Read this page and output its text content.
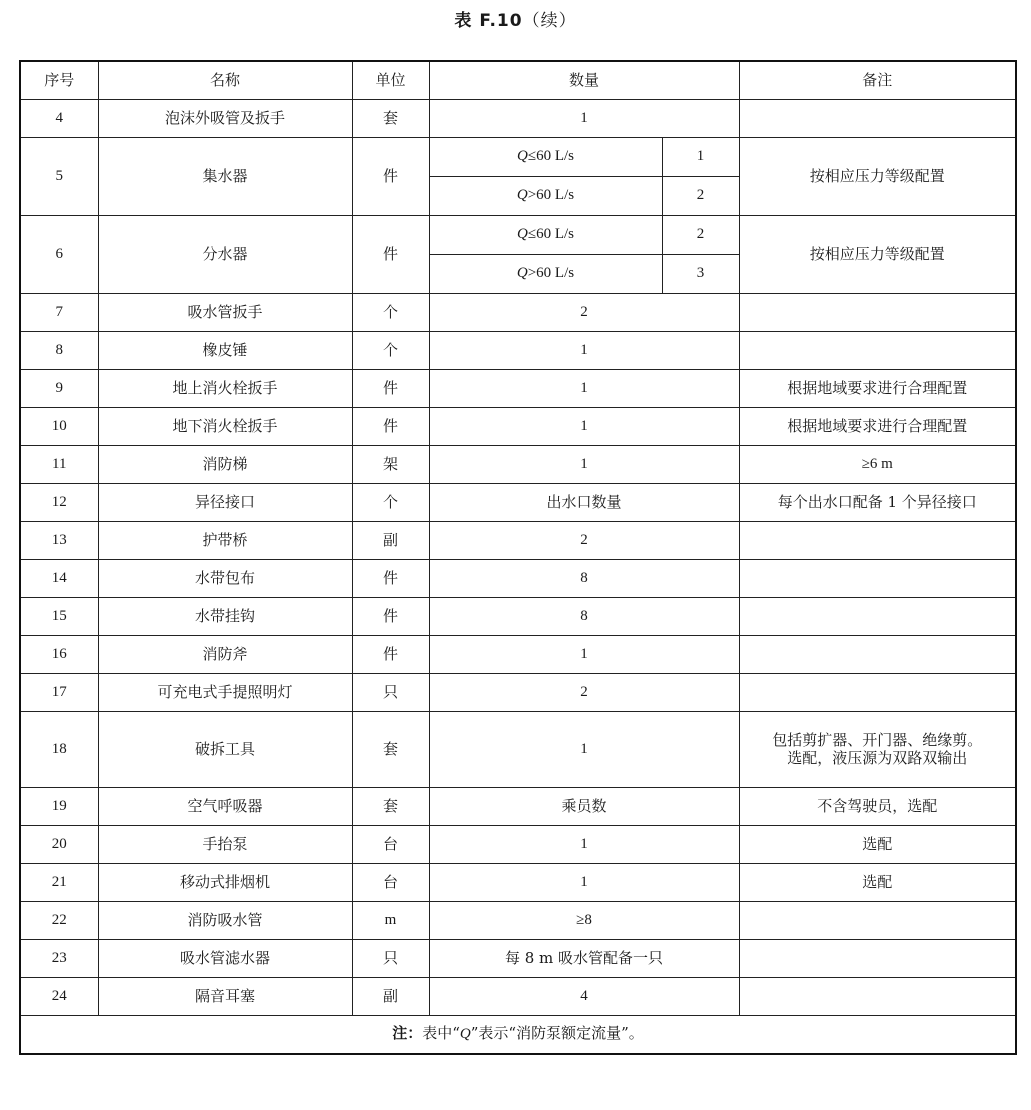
表 F.10（续）
序号	名称	单位	数量		备注
4	泡沫外吸管及扳手	套	1		
5	集水器	件	Q≤60 L/s	1	按相应压力等级配置
			Q>60 L/s	2	
6	分水器	件	Q≤60 L/s	2	按相应压力等级配置
			Q>60 L/s	3	
7	吸水管扳手	个	2		
8	橡皮锤	个	1		
9	地上消火栓扳手	件	1		根据地域要求进行合理配置
10	地下消火栓扳手	件	1		根据地域要求进行合理配置
11	消防梯	架	1		≥6 m
12	异径接口	个	出水口数量		每个出水口配备 1 个异径接口
13	护带桥	副	2		
14	水带包布	件	8		
15	水带挂钩	件	8		
16	消防斧	件	1		
17	可充电式手提照明灯	只	2		
18	破拆工具	套	1		包括剪扩器、开门器、绝缘剪。
选配，液压源为双路双输出

19	空气呼吸器	套	乘员数		不含驾驶员，选配
20	手抬泵	台	1		选配
21	移动式排烟机	台	1		选配
22	消防吸水管	m	≥8		
23	吸水管滤水器	只	每 8 m 吸水管配备一只		
24	隔音耳塞	副	4		
注：表中“Q”表示“消防泵额定流量”。					
